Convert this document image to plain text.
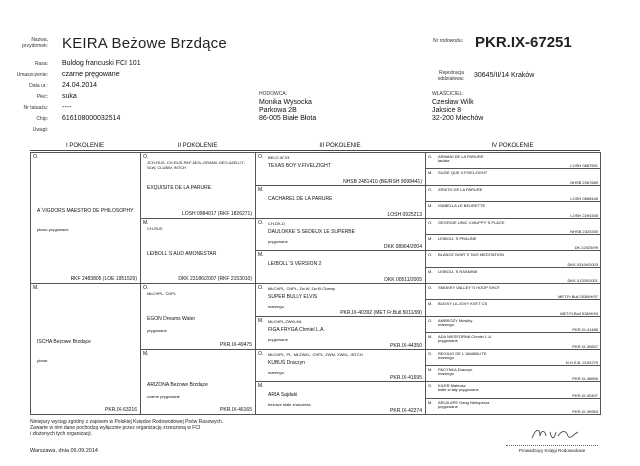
Nazwa, przydomek: KEIRA Beżowe Brzdące	Nr rodowodu: PKR.IX-67251
Rasa: Buldog francuski FCI 101
Umaszczenie: czarne pręgowane
Data ur.: 24.04.2014
Płeć: suka
Nr tatuażu: ----
Chip: 616108000032514
Uwagi:
Rejestracja oddziałowa: 30645/II/14 Kraków
HODOWCA:
Monika Wysocka
Parkowa 2B
86-005 Białe Błota
WŁAŚCICIEL:
Czesław Wilk
Jaksice 8
32-200 Miechów
I POKOLENIE	II POKOLENIE	III POKOLENIE	IV POKOLENIE
O.
A`VIGDORS MAESTRO DE PHILOSOPHY
płowo-pręgowane
RKF 2483805 (LOE 1951529)
M.
ISCHA Beżowe Brzdące
płowe
PKR.IX-63216
O.
JCH-RUS, CH-RUS-RKF-MOL-GRAND-GEO-AZB-LIT-SLW, CLUBW, INTCH
EXQUISITE DE LA PARURE
LOSH 0984017 (RKF 1826271)
M.
CH-RUS
LEIBOLL`S AUD AMONESTAR
DKK 23186/2007 (RKF 2153010)
O.
MŁCHPL, CHPL
EGON Dreams Water
pręgowane
PKR.IX-49475
M.
ARIZONA Beżowe Brzdące
czarne pręgowane
PKR.IX-46165
O. BELG.W`03
TEXAS BOY V.FIVELZIGHT
NHSB 2481410 (BE/RSH 9098441)
M.
CACHAREL DE LA PARURE
LOSH 0925213
O. CH-DK-D
DAULOKKE`S SEDEUX LE SUPERBE
pręgowane
DKK 08964/2004
M.
LEIBOLL`S VERSION 2
DKK 00511/2005
O. MŁCHPL, CHPL, Zw.W, Zw.Kl.Champ
SUPER BULLY ELVIS
marengo
PKR.IX-40392 (MET Fr.Bull.5011/99)
M. MŁCHPL,ZWKLML
FIGA FRYGA Chmiel L.A.
pręgowane
PKR.IX-44350
O. MŁCHPL, PL, MŁZWKL, CHPL, ZWM, ZWKL, INTCH
KUBUŚ Draczyn
marengo
PKR.IX-41695
M.
ARIA Sajdaki
beżowe białe znaczenia
PKR.IX-42274
O. ARMANI DE LA PARURE
łaciate
LOSH 0887591
M. SUZIE QUE V.FIVELZIGHT
NHSB 2367689
O. ZENITH DE LA PARURE
LOSH 0868446
M. ISABELLA LE BEURETTE
LOSH 2294348
O. GEORGIE UNIC V.MUPPY`S PLACE
NHSB 2324330
M. LEIBOLL`S PRALINE
DK 22025/99
O. BLANCE NOIR`S TAIS MEDITATION
DKK 03194/2003
M. LEIBOLL`S RASMINE
DKK 01330/2001
O. SMOKEY VALLEY`S HOOP SHOT
MET.Fr.Bull.2536/H/97
M. BUGSY LILJOVY KVET CS
MET.Fr.Bull 518/H/93
O. AMBROŻY Moskity
marengo
PKR.IX-41486
M. ADA NIESFORNA Chmiel L.A.
pręgowane
PKR.IX-39837
O. REGILIO DE L`AMABILITE
marengo
N.H.S.B. 2152279
M. PACYNKA Draczyn
marengo
PKR.IX-38696
O. KILER Mateusz
białe w łaty pręgowane
PKR.IX-40497
M. ARIJA APE Gang Nietoperza
pręgowane
PKR.IX-39953
Niniejszy wyciąg zgodny z zapisem w Polskiej Księdze Rodowodowej Psów Rasowych.
Zawarte w nim dane pochodzą wyłącznie przez organizację zrzeszoną w FCI
i złożonych tych organizacji.
Warszawa, dnia 09.09.2014	Prowadzący Księgi Rodowodowe
